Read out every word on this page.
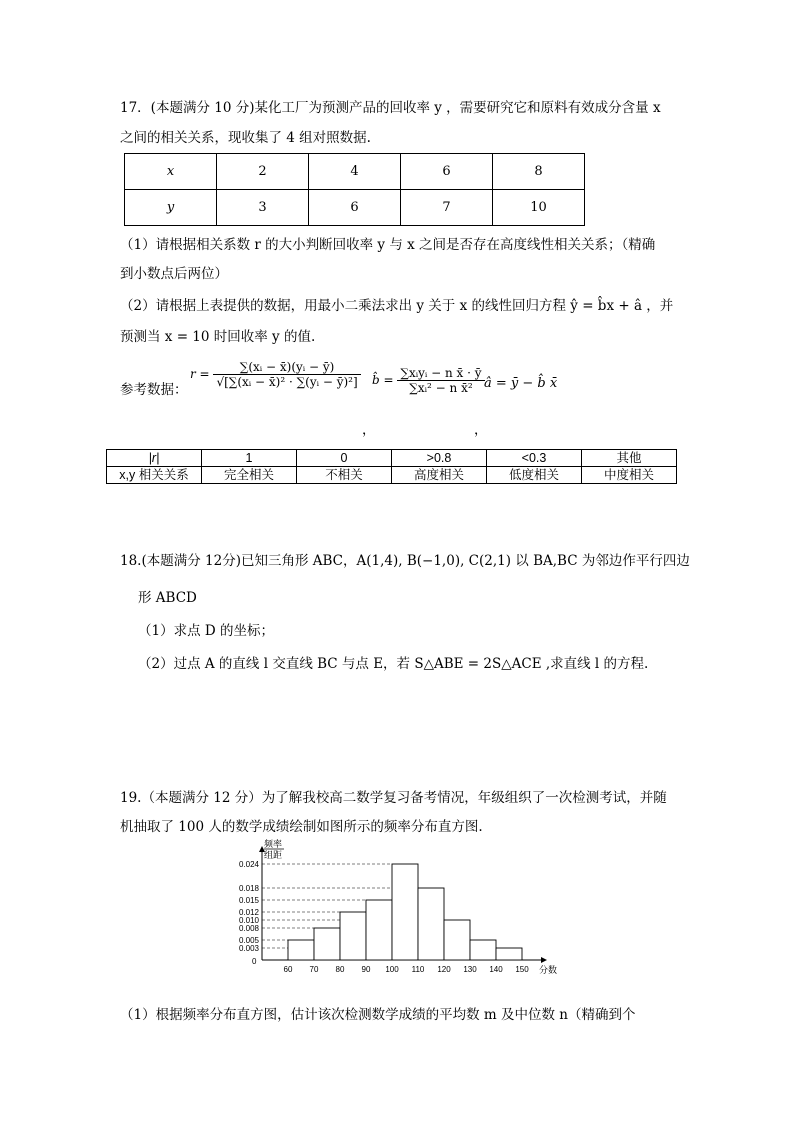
17．(本题满分 10 分)某化工厂为预测产品的回收率 y ，需要研究它和原料有效成分含量 x
之间的相关关系，现收集了 4 组对照数据.
x	2	4	6	8
y	3	6	7	10
（1）请根据相关系数 r 的大小判断回收率 y 与 x 之间是否存在高度线性相关关系；（精确
到小数点后两位）
（2）请根据上表提供的数据，用最小二乘法求出 y 关于 x 的线性回归方程 ŷ = b̂x + â ，并
预测当 x = 10 时回收率 y 的值.
参考数据：
$r = \frac{\text{∑(xᵢ − x̄)(yᵢ − ȳ)}}{\text{√[∑(xᵢ − x̄)² · ∑(yᵢ − ȳ)²]}}$
，
b̂ = $\frac{\text{∑xᵢyᵢ − n x̄ · ȳ}}{\text{∑xᵢ² − n x̄²}}$
，
â = ȳ − b̂ x̄
|r|	1	0	>0.8	<0.3	其他
x,y 相关关系	完全相关	不相关	高度相关	低度相关	中度相关
18.(本题满分 12分)已知三角形 ABC，A(1,4), B(−1,0), C(2,1) 以 BA,BC 为邻边作平行四边
形 ABCD
（1）求点 D 的坐标；
（2）过点 A 的直线 l 交直线 BC 与点 E，若 S△ABE = 2S△ACE ,求直线 l 的方程.
19.（本题满分 12 分）为了解我校高二数学复习备考情况，年级组织了一次检测考试，并随
机抽取了 100 人的数学成绩绘制如图所示的频率分布直方图.
频率
组距
0
0.003
0.005
0.008
0.010
0.012
0.015
0.018
0.024
60 70 80 90 100 110 120 130 140 150 分数
（1）根据频率分布直方图，估计该次检测数学成绩的平均数 m 及中位数 n（精确到个
